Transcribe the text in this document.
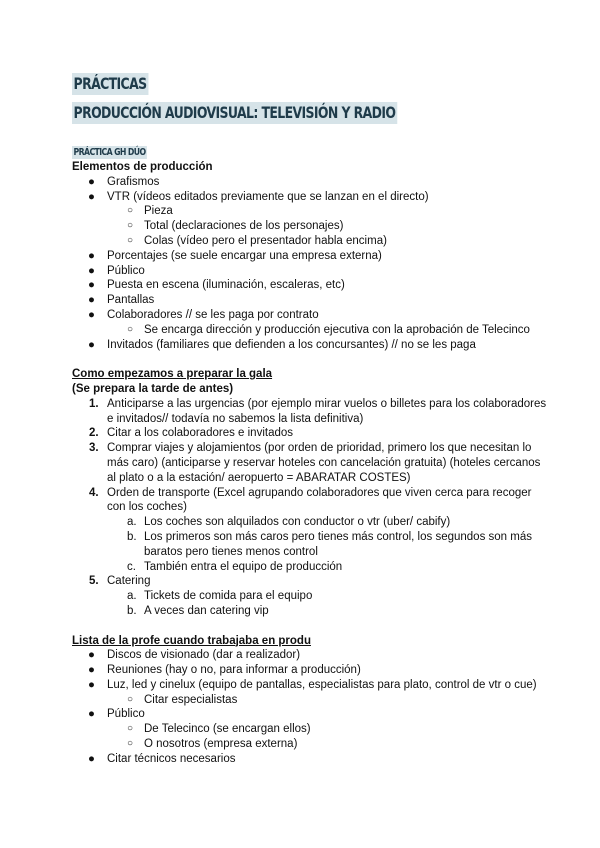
PRÁCTICAS
PRODUCCIÓN AUDIOVISUAL: TELEVISIÓN Y RADIO
PRÁCTICA GH DÚO

Elementos de producción

● Grafismos
● VTR (vídeos editados previamente que se lanzan en el directo)
○ Pieza
○ Total (declaraciones de los personajes)
○ Colas (vídeo pero el presentador habla encima)
● Porcentajes (se suele encargar una empresa externa)
● Público
● Puesta en escena (iluminación, escaleras, etc)
● Pantallas
● Colaboradores // se les paga por contrato
○ Se encarga dirección y producción ejecutiva con la aprobación de Telecinco
● Invitados (familiares que defienden a los concursantes) // no se les paga

Como empezamos a preparar la gala

(Se prepara la tarde de antes)

1. Anticiparse a las urgencias (por ejemplo mirar vuelos o billetes para los colaboradores e invitados// todavía no sabemos la lista definitiva)
2. Citar a los colaboradores e invitados
3. Comprar viajes y alojamientos (por orden de prioridad, primero los que necesitan lo más caro) (anticiparse y reservar hoteles con cancelación gratuita) (hoteles cercanos al plato o a la estación/ aeropuerto = ABARATAR COSTES)
4. Orden de transporte (Excel agrupando colaboradores que viven cerca para recoger con los coches)
a. Los coches son alquilados con conductor o vtr (uber/ cabify)
b. Los primeros son más caros pero tienes más control, los segundos son más baratos pero tienes menos control
c. También entra el equipo de producción
5. Catering
a. Tickets de comida para el equipo
b. A veces dan catering vip

Lista de la profe cuando trabajaba en produ

● Discos de visionado (dar a realizador)
● Reuniones (hay o no, para informar a producción)
● Luz, led y cinelux (equipo de pantallas, especialistas para plato, control de vtr o cue)
○ Citar especialistas
● Público
○ De Telecinco (se encargan ellos)
○ O nosotros (empresa externa)
● Citar técnicos necesarios
